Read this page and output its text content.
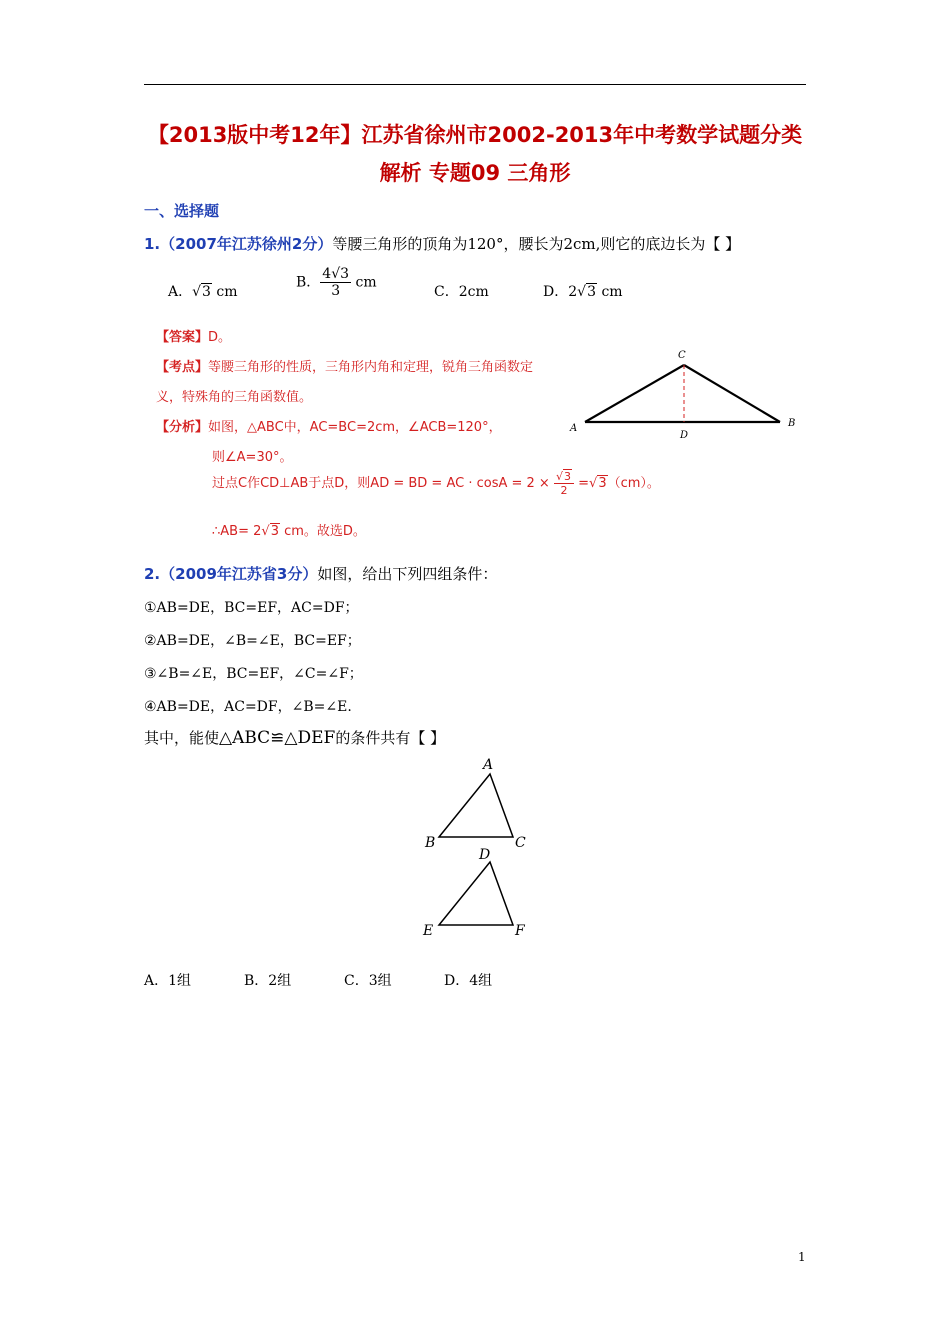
【2013版中考12年】江苏省徐州市2002-2013年中考数学试题分类
解析 专题09 三角形
一、选择题
1.（2007年江苏徐州2分）等腰三角形的顶角为120°，腰长为2cm,则它的底边长为【 】
A．√3 cm
B． $\frac{4√3}{3}$ cm
C．2cm	D．2√3 cm
【答案】D。
【考点】等腰三角形的性质，三角形内角和定理，锐角三角函数定
义，特殊角的三角函数值。
【分析】如图，△ABC中，AC=BC=2cm，∠ACB=120°，
则∠A=30°。
过点C作CD⊥AB于点D，则AD = BD = AC · $\cos A = 2 \times \frac{√3}{2} =√3(cm)$。
∴AB= 2√3 cm。故选D。
A	B
C
D
2.（2009年江苏省3分）如图，给出下列四组条件：
①AB=DE，BC=EF，AC=DF；
②AB=DE，∠B=∠E，BC=EF；
③∠B=∠E，BC=EF，∠C=∠F；
④AB=DE，AC=DF，∠B=∠E.
其中，能使△ABC≌△DEF的条件共有【 】
A
B	C
D
E	F
A．1组	B．2组	C．3组	D．4组
1
